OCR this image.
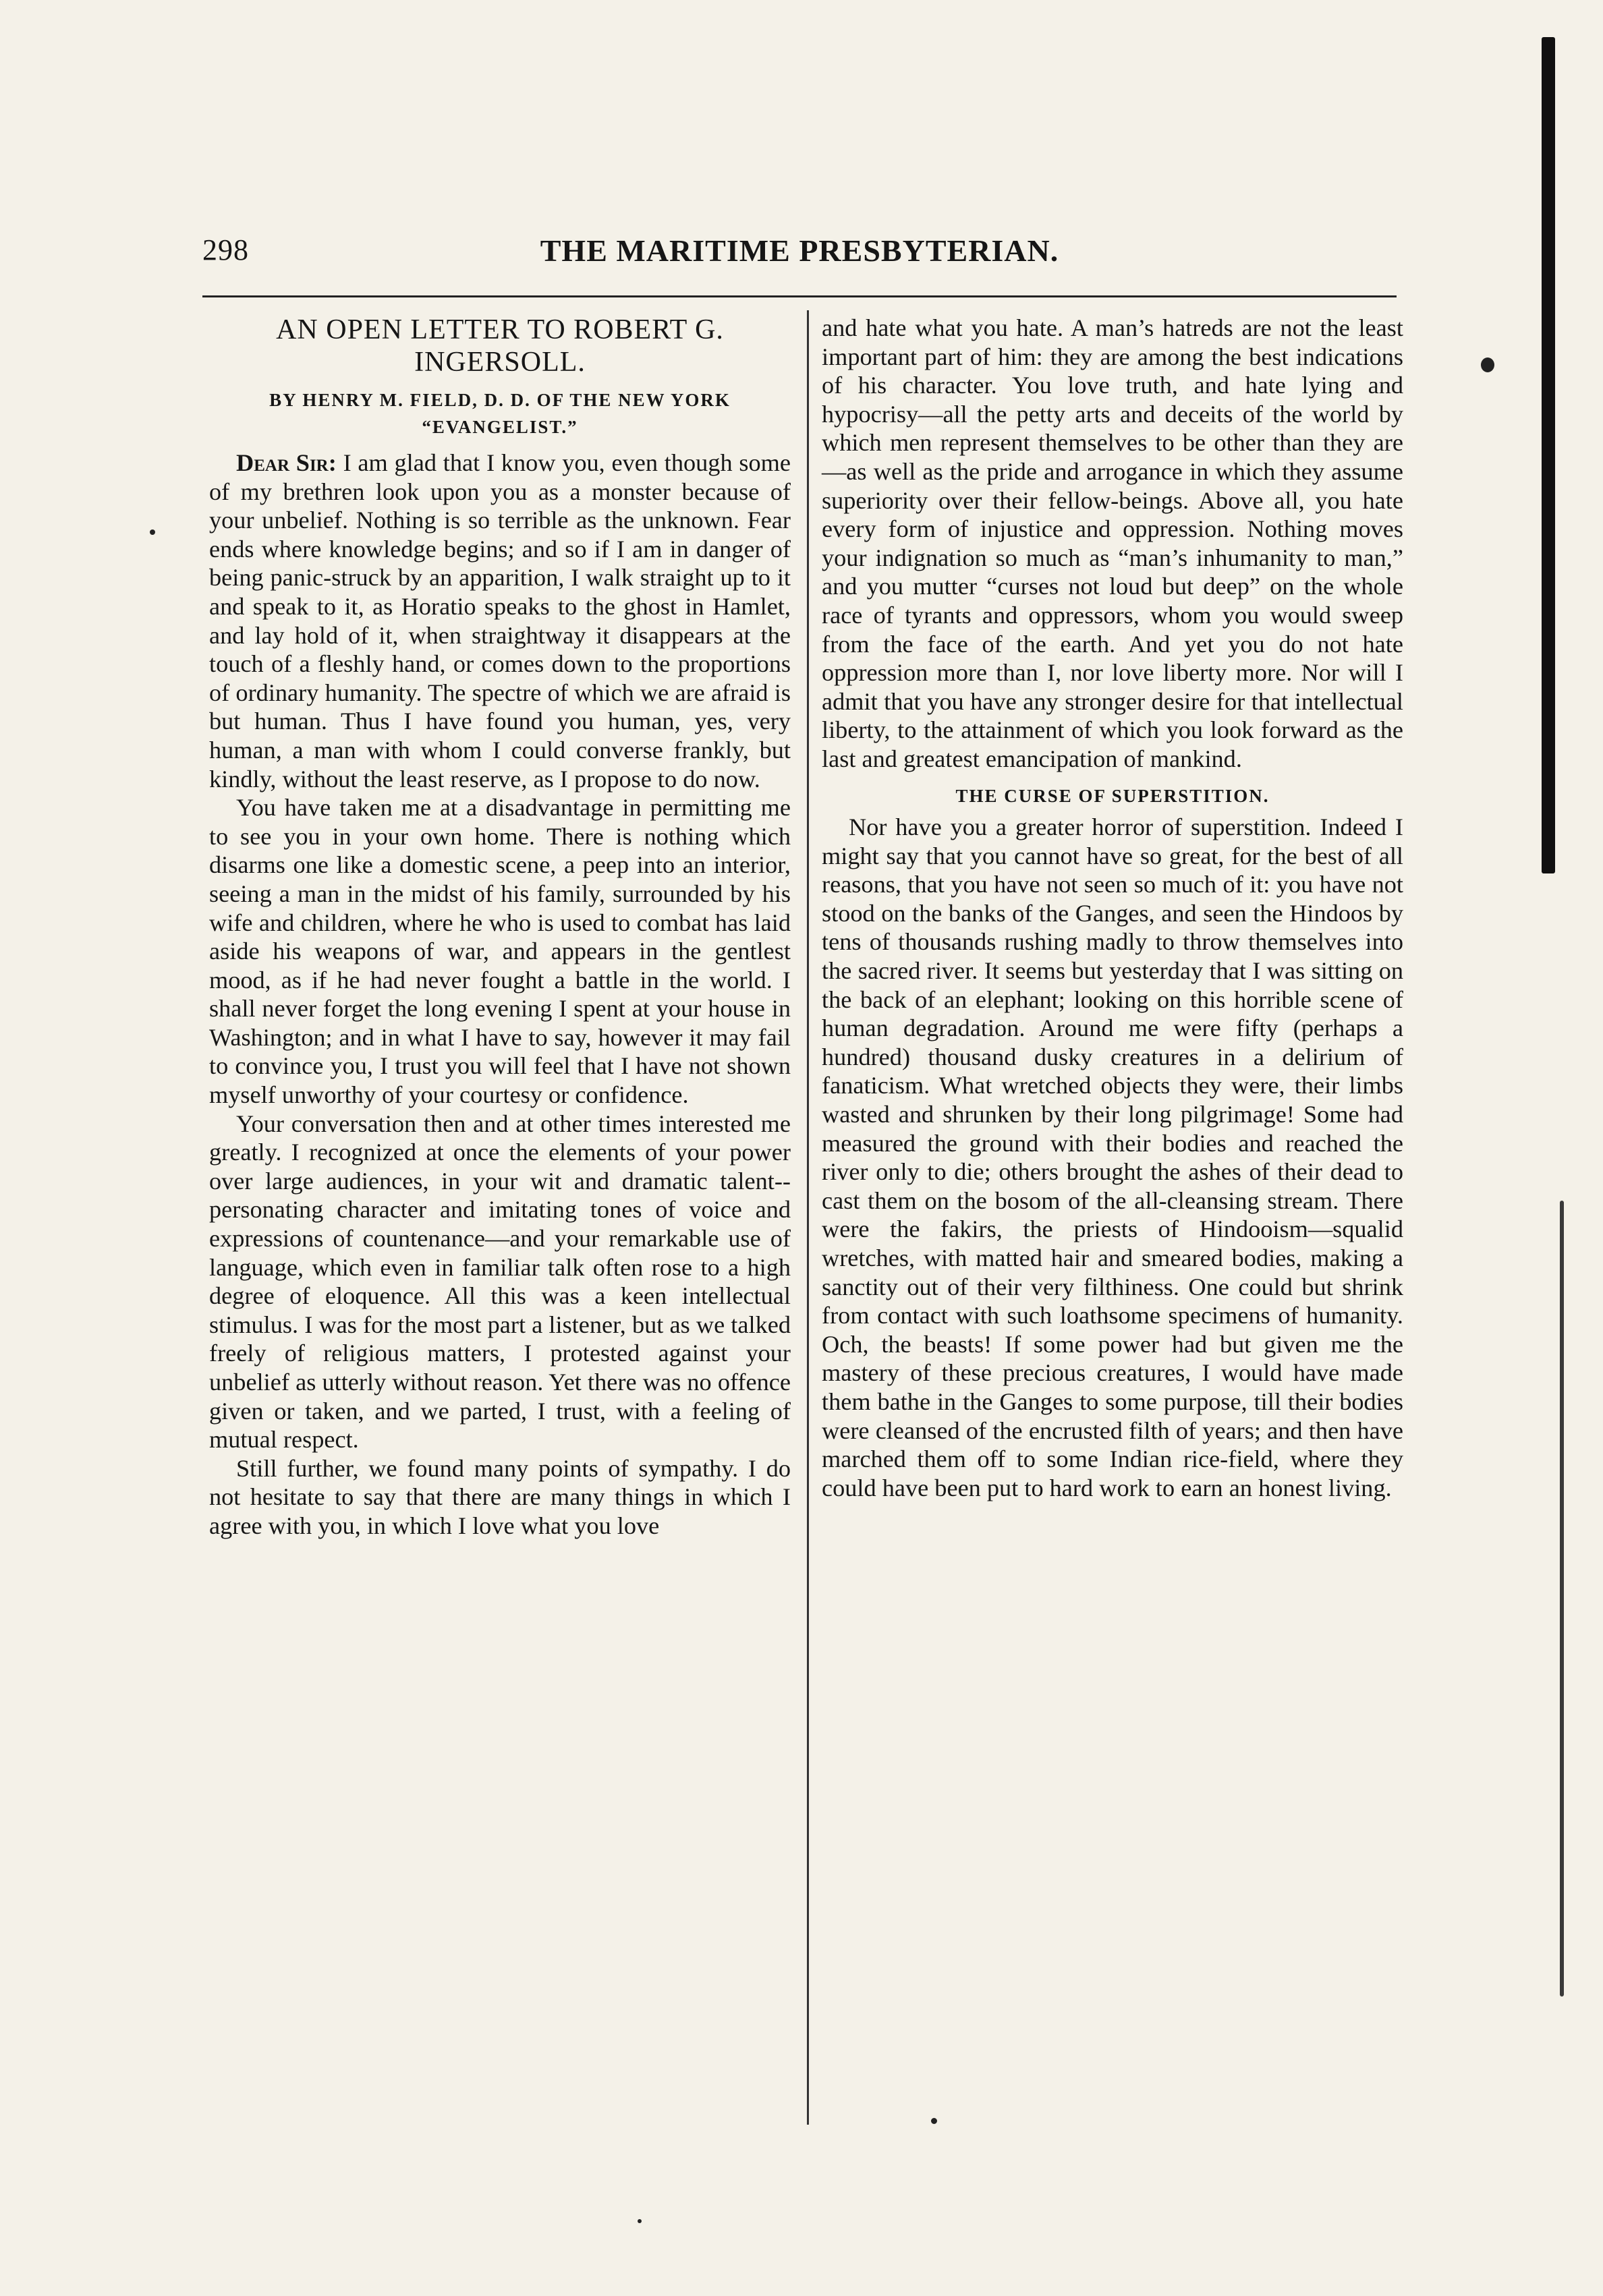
298	THE MARITIME PRESBYTERIAN.
AN OPEN LETTER TO ROBERT G. INGERSOLL.
BY HENRY M. FIELD, D. D. OF THE NEW YORK “EVANGELIST.”

Dear Sir: I am glad that I know you, even though some of my brethren look upon you as a monster because of your unbelief. Nothing is so terrible as the unknown. Fear ends where knowledge begins; and so if I am in danger of being panic-struck by an apparition, I walk straight up to it and speak to it, as Horatio speaks to the ghost in Hamlet, and lay hold of it, when straightway it disappears at the touch of a fleshly hand, or comes down to the proportions of ordinary humanity. The spectre of which we are afraid is but human. Thus I have found you human, yes, very human, a man with whom I could converse frankly, but kindly, without the least reserve, as I propose to do now.

You have taken me at a disadvantage in permitting me to see you in your own home. There is nothing which disarms one like a domestic scene, a peep into an interior, seeing a man in the midst of his family, surrounded by his wife and children, where he who is used to combat has laid aside his weapons of war, and appears in the gentlest mood, as if he had never fought a battle in the world. I shall never forget the long evening I spent at your house in Washington; and in what I have to say, however it may fail to convince you, I trust you will feel that I have not shown myself unworthy of your courtesy or confidence.

Your conversation then and at other times interested me greatly. I recognized at once the elements of your power over large audiences, in your wit and dramatic talent--personating character and imitating tones of voice and expressions of countenance—and your remarkable use of language, which even in familiar talk often rose to a high degree of eloquence. All this was a keen intellectual stimulus. I was for the most part a listener, but as we talked freely of religious matters, I protested against your unbelief as utterly without reason. Yet there was no offence given or taken, and we parted, I trust, with a feeling of mutual respect.

Still further, we found many points of sympathy. I do not hesitate to say that there are many things in which I agree with you, in which I love what you love

and hate what you hate. A man’s hatreds are not the least important part of him: they are among the best indications of his character. You love truth, and hate lying and hypocrisy—all the petty arts and deceits of the world by which men represent themselves to be other than they are—as well as the pride and arrogance in which they assume superiority over their fellow-beings. Above all, you hate every form of injustice and oppression. Nothing moves your indignation so much as “man’s inhumanity to man,” and you mutter “curses not loud but deep” on the whole race of tyrants and oppressors, whom you would sweep from the face of the earth. And yet you do not hate oppression more than I, nor love liberty more. Nor will I admit that you have any stronger desire for that intellectual liberty, to the attainment of which you look forward as the last and greatest emancipation of mankind.

THE CURSE OF SUPERSTITION.

Nor have you a greater horror of superstition. Indeed I might say that you cannot have so great, for the best of all reasons, that you have not seen so much of it: you have not stood on the banks of the Ganges, and seen the Hindoos by tens of thousands rushing madly to throw themselves into the sacred river. It seems but yesterday that I was sitting on the back of an elephant; looking on this horrible scene of human degradation. Around me were fifty (perhaps a hundred) thousand dusky creatures in a delirium of fanaticism. What wretched objects they were, their limbs wasted and shrunken by their long pilgrimage! Some had measured the ground with their bodies and reached the river only to die; others brought the ashes of their dead to cast them on the bosom of the all-cleansing stream. There were the fakirs, the priests of Hindooism—squalid wretches, with matted hair and smeared bodies, making a sanctity out of their very filthiness. One could but shrink from contact with such loathsome specimens of humanity. Och, the beasts! If some power had but given me the mastery of these precious creatures, I would have made them bathe in the Ganges to some purpose, till their bodies were cleansed of the encrusted filth of years; and then have marched them off to some Indian rice-field, where they could have been put to hard work to earn an honest living.
